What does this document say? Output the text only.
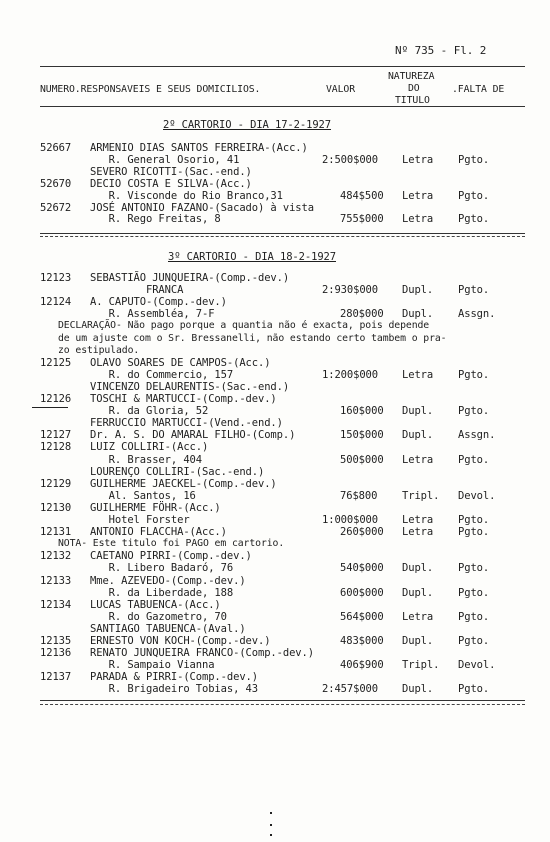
Nº 735 - Fl. 2
NUMERO.RESPONSAVEIS E SEUS DOMICILIOS.	VALOR
NATUREZA
DO
TITULO
.FALTA DE
2º CARTORIO - DIA 17-2-1927
52667 ARMENIO DIAS SANTOS FERREIRA-(Acc.)
R. General Osorio, 41	2:500$000 Letra Pgto.
SEVERO RICOTTI-(Sac.-end.)
52670 DECIO COSTA E SILVA-(Acc.)
R. Visconde do Rio Branco,31	484$500 Letra Pgto.
52672 JOSÉ ANTONIO FAZANO-(Sacado) à vista
R. Rego Freitas, 8	755$000 Letra Pgto.
3º CARTORIO - DIA 18-2-1927
12123 SEBASTIÃO JUNQUEIRA-(Comp.-dev.)
FRANCA	2:930$000 Dupl. Pgto.
12124 A. CAPUTO-(Comp.-dev.)
R. Assembléa, 7-F	280$000 Dupl. Assgn.
DECLARAÇÃO- Não pago porque a quantia não é exacta, pois depende
de um ajuste com o Sr. Bressanelli, não estando certo tambem o pra-
zo estipulado.
12125 OLAVO SOARES DE CAMPOS-(Acc.)
R. do Commercio, 157	1:200$000 Letra Pgto.
VINCENZO DELAURENTIS-(Sac.-end.)
12126 TOSCHI & MARTUCCI-(Comp.-dev.)
R. da Gloria, 52	160$000 Dupl. Pgto.
FERRUCCIO MARTUCCI-(Vend.-end.)
12127 Dr. A. S. DO AMARAL FILHO-(Comp.)	150$000 Dupl. Assgn.
12128 LUIZ COLLIRI-(Acc.)
R. Brasser, 404	500$000 Letra Pgto.
LOURENÇO COLLIRI-(Sac.-end.)
12129 GUILHERME JAECKEL-(Comp.-dev.)
Al. Santos, 16	76$800 Tripl. Devol.
12130 GUILHERME FÖHR-(Acc.)
Hotel Forster	1:000$000 Letra Pgto.
12131 ANTONIO FLACCHA-(Acc.)	260$000 Letra Pgto.
NOTA- Este titulo foi PAGO em cartorio.
12132 CAETANO PIRRI-(Comp.-dev.)
R. Libero Badaró, 76	540$000 Dupl. Pgto.
12133 Mme. AZEVEDO-(Comp.-dev.)
R. da Liberdade, 188	600$000 Dupl. Pgto.
12134 LUCAS TABUENCA-(Acc.)
R. do Gazometro, 70	564$000 Letra Pgto.
SANTIAGO TABUENCA-(Aval.)
12135 ERNESTO VON KOCH-(Comp.-dev.)	483$000 Dupl. Pgto.
12136 RENATO JUNQUEIRA FRANCO-(Comp.-dev.)
R. Sampaio Vianna	406$900 Tripl. Devol.
12137 PARADA & PIRRI-(Comp.-dev.)
R. Brigadeiro Tobias, 43	2:457$000 Dupl. Pgto.
